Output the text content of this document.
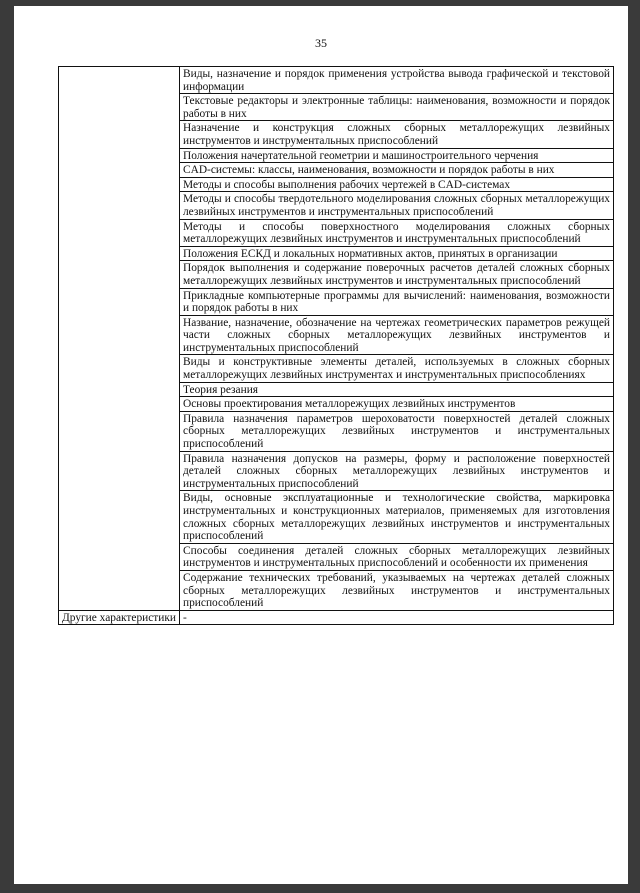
35
	Виды, назначение и порядок применения устройства вывода графической и текстовой информации
	Текстовые редакторы и электронные таблицы: наименования, возможности и порядок работы в них
	Назначение и конструкция сложных сборных металлорежущих лезвийных инструментов и инструментальных приспособлений
	Положения начертательной геометрии и машиностроительного черчения
	CAD-системы: классы, наименования, возможности и порядок работы в них
	Методы и способы выполнения рабочих чертежей в CAD-системах
	Методы и способы твердотельного моделирования сложных сборных металлорежущих лезвийных инструментов и инструментальных приспособлений
	Методы и способы поверхностного моделирования сложных сборных металлорежущих лезвийных инструментов и инструментальных приспособлений
	Положения ЕСКД и локальных нормативных актов, принятых в организации
	Порядок выполнения и содержание поверочных расчетов деталей сложных сборных металлорежущих лезвийных инструментов и инструментальных приспособлений
	Прикладные компьютерные программы для вычислений: наименования, возможности и порядок работы в них
	Название, назначение, обозначение на чертежах геометрических параметров режущей части сложных сборных металлорежущих лезвийных инструментов и инструментальных приспособлений
	Виды и конструктивные элементы деталей, используемых в сложных сборных металлорежущих лезвийных инструментах и инструментальных приспособлениях
	Теория резания
	Основы проектирования металлорежущих лезвийных инструментов
	Правила назначения параметров шероховатости поверхностей деталей сложных сборных металлорежущих лезвийных инструментов и инструментальных приспособлений
	Правила назначения допусков на размеры, форму и расположение поверхностей деталей сложных сборных металлорежущих лезвийных инструментов и инструментальных приспособлений
	Виды, основные эксплуатационные и технологические свойства, маркировка инструментальных и конструкционных материалов, применяемых для изготовления сложных сборных металлорежущих лезвийных инструментов и инструментальных приспособлений
	Способы соединения деталей сложных сборных металлорежущих лезвийных инструментов и инструментальных приспособлений и особенности их применения
	Содержание технических требований, указываемых на чертежах деталей сложных сборных металлорежущих лезвийных инструментов и инструментальных приспособлений
Другие характеристики	-
